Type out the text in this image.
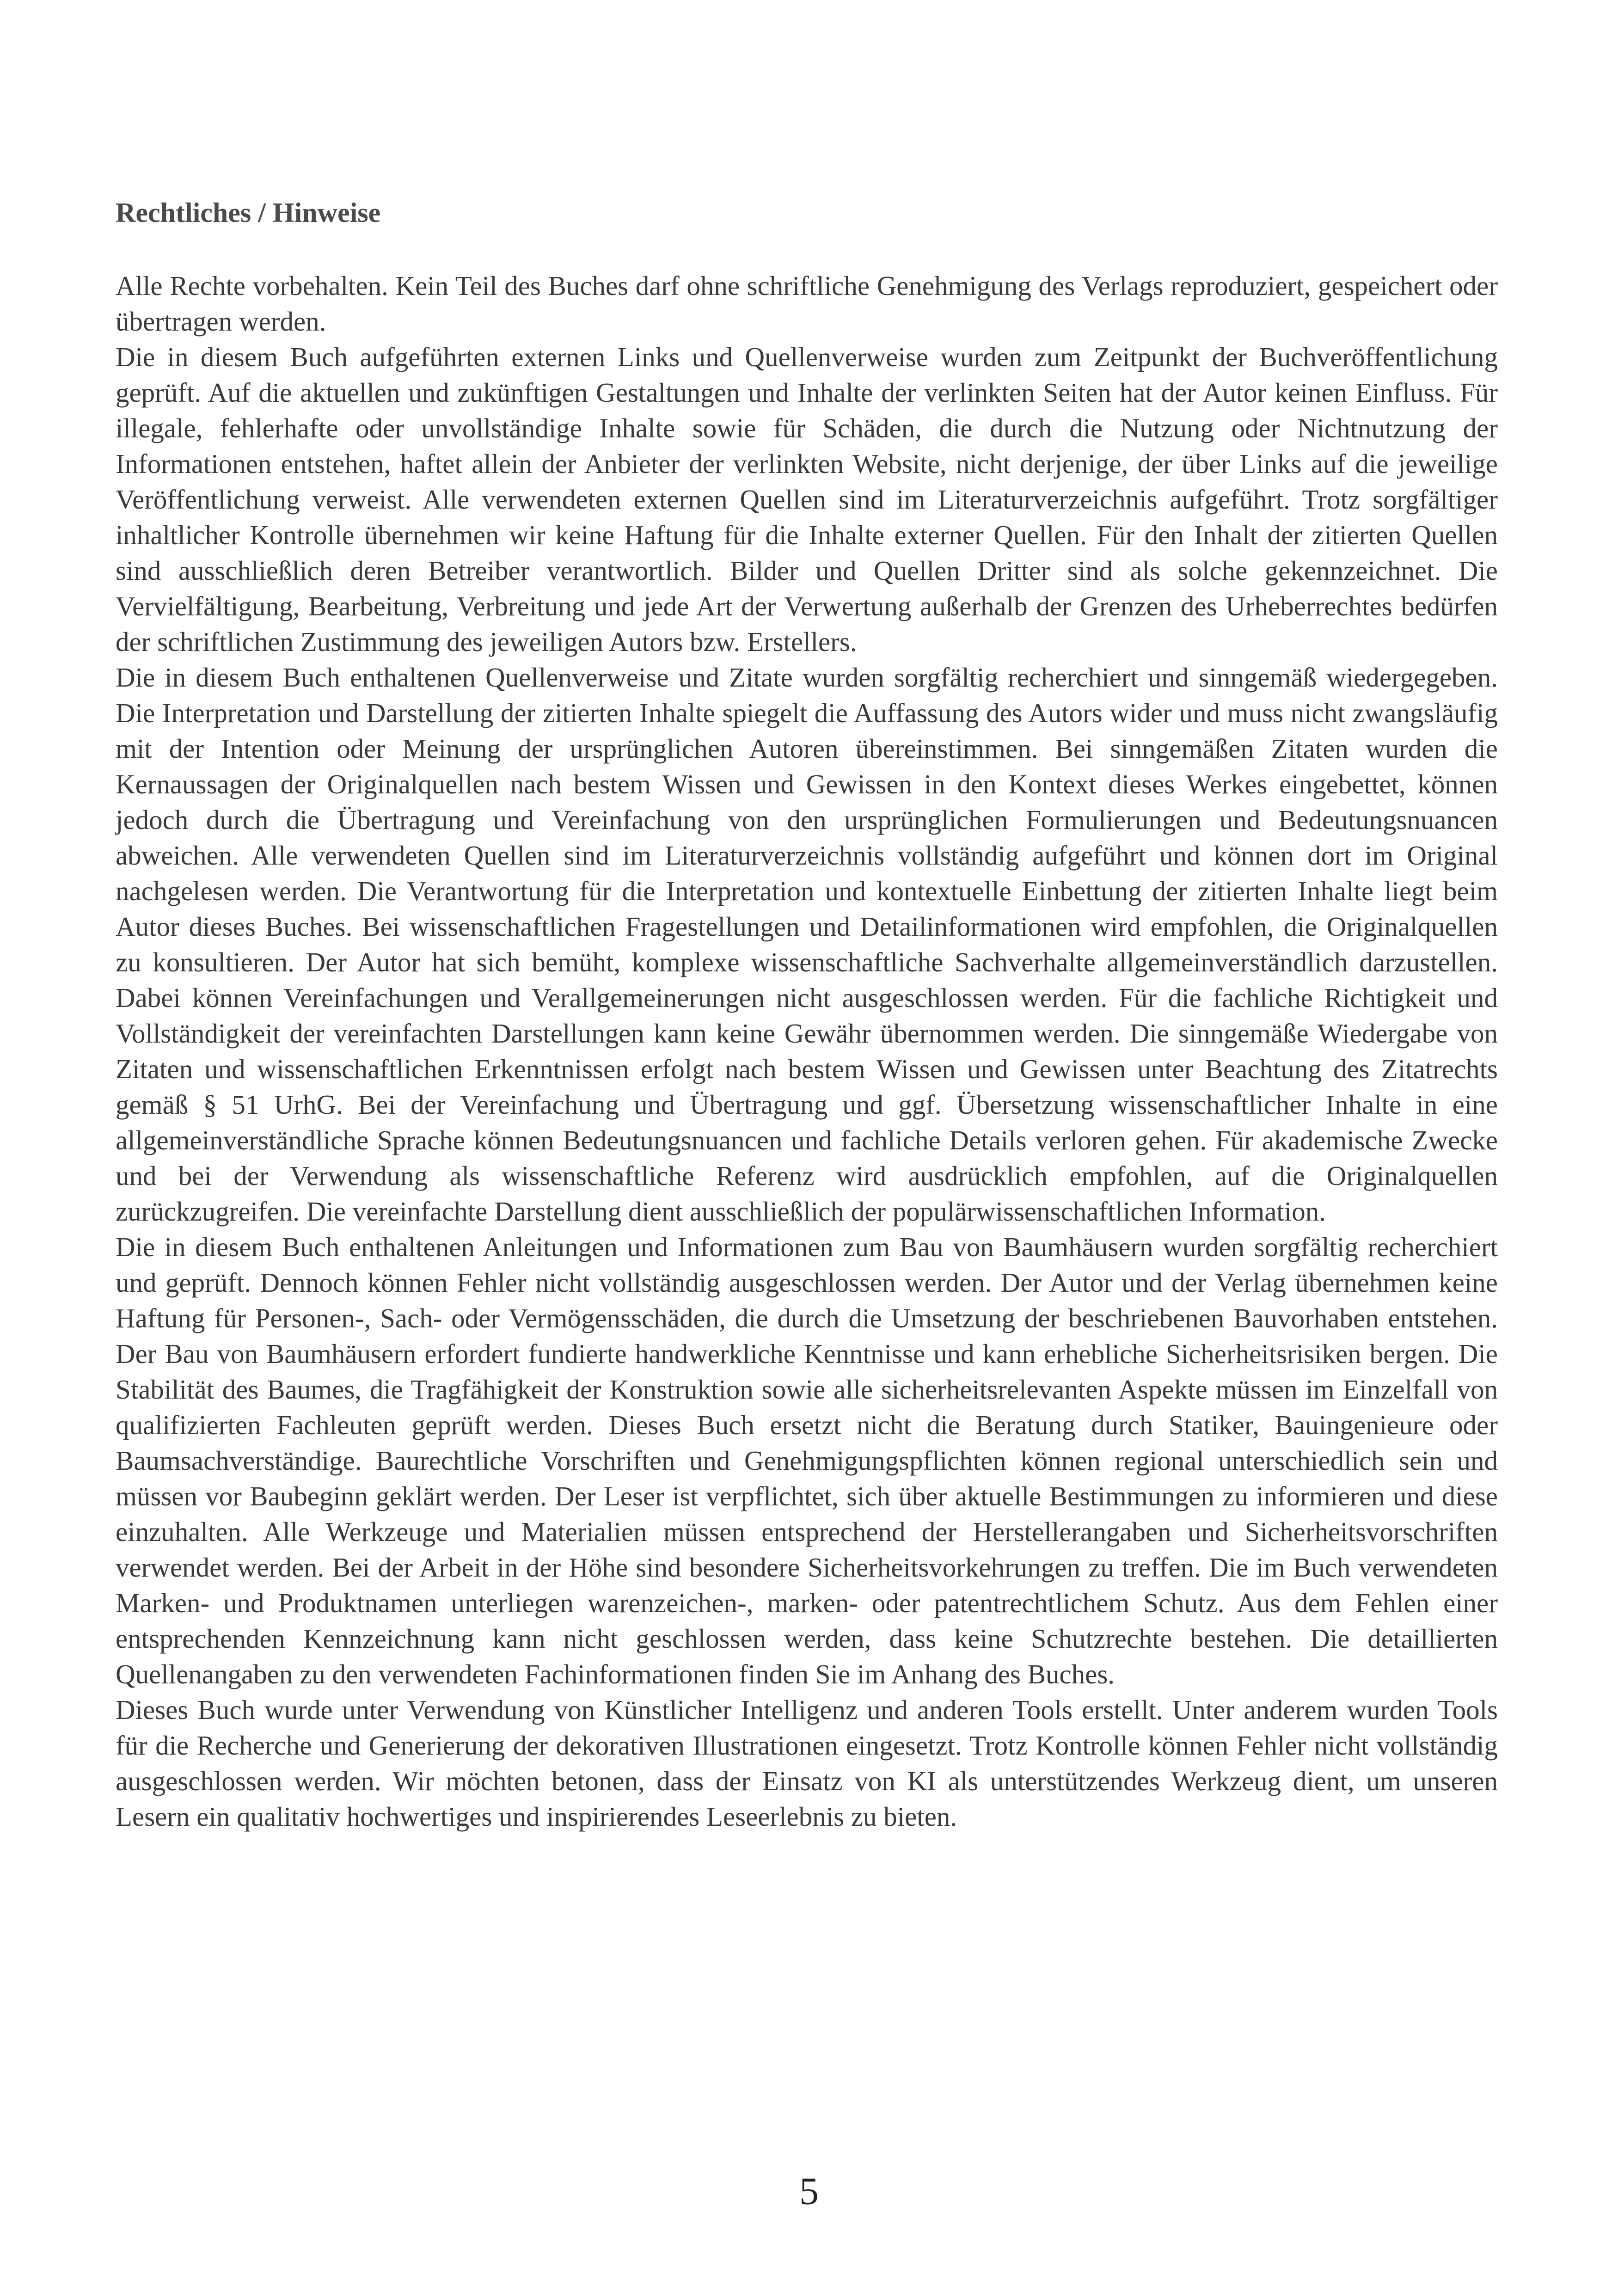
Rechtliches / Hinweise

Alle Rechte vorbehalten. Kein Teil des Buches darf ohne schriftliche Genehmigung des Verlags reproduziert, gespeichert oder übertragen werden.

Die in diesem Buch aufgeführten externen Links und Quellenverweise wurden zum Zeitpunkt der Buchveröffentlichung geprüft. Auf die aktuellen und zukünftigen Gestaltungen und Inhalte der verlinkten Seiten hat der Autor keinen Einfluss. Für illegale, fehlerhafte oder unvollständige Inhalte sowie für Schäden, die durch die Nutzung oder Nichtnutzung der Informationen entstehen, haftet allein der Anbieter der verlinkten Website, nicht derjenige, der über Links auf die jeweilige Veröffentlichung verweist. Alle verwendeten externen Quellen sind im Literaturverzeichnis aufgeführt. Trotz sorgfältiger inhaltlicher Kontrolle übernehmen wir keine Haftung für die Inhalte externer Quellen. Für den Inhalt der zitierten Quellen sind ausschließlich deren Betreiber verantwortlich. Bilder und Quellen Dritter sind als solche gekennzeichnet. Die Vervielfältigung, Bearbeitung, Verbreitung und jede Art der Verwertung außerhalb der Grenzen des Urheberrechtes bedürfen der schriftlichen Zustimmung des jeweiligen Autors bzw. Erstellers.

Die in diesem Buch enthaltenen Quellenverweise und Zitate wurden sorgfältig recherchiert und sinngemäß wiedergegeben. Die Interpretation und Darstellung der zitierten Inhalte spiegelt die Auffassung des Autors wider und muss nicht zwangsläufig mit der Intention oder Meinung der ursprünglichen Autoren übereinstimmen. Bei sinngemäßen Zitaten wurden die Kernaussagen der Originalquellen nach bestem Wissen und Gewissen in den Kontext dieses Werkes eingebettet, können jedoch durch die Übertragung und Vereinfachung von den ursprünglichen Formulierungen und Bedeutungsnuancen abweichen. Alle verwendeten Quellen sind im Literaturverzeichnis vollständig aufgeführt und können dort im Original nachgelesen werden. Die Verantwortung für die Interpretation und kontextuelle Einbettung der zitierten Inhalte liegt beim Autor dieses Buches. Bei wissenschaftlichen Fragestellungen und Detailinformationen wird empfohlen, die Originalquellen zu konsultieren. Der Autor hat sich bemüht, komplexe wissenschaftliche Sachverhalte allgemeinverständlich darzustellen. Dabei können Vereinfachungen und Verallgemeinerungen nicht ausgeschlossen werden. Für die fachliche Richtigkeit und Vollständigkeit der vereinfachten Darstellungen kann keine Gewähr übernommen werden. Die sinngemäße Wiedergabe von Zitaten und wissenschaftlichen Erkenntnissen erfolgt nach bestem Wissen und Gewissen unter Beachtung des Zitatrechts gemäß § 51 UrhG. Bei der Vereinfachung und Übertragung und ggf. Übersetzung wissenschaftlicher Inhalte in eine allgemeinverständliche Sprache können Bedeutungsnuancen und fachliche Details verloren gehen. Für akademische Zwecke und bei der Verwendung als wissenschaftliche Referenz wird ausdrücklich empfohlen, auf die Originalquellen zurückzugreifen. Die vereinfachte Darstellung dient ausschließlich der populärwissenschaftlichen Information.

Die in diesem Buch enthaltenen Anleitungen und Informationen zum Bau von Baumhäusern wurden sorgfältig recherchiert und geprüft. Dennoch können Fehler nicht vollständig ausgeschlossen werden. Der Autor und der Verlag übernehmen keine Haftung für Personen-, Sach- oder Vermögensschäden, die durch die Umsetzung der beschriebenen Bauvorhaben entstehen. Der Bau von Baumhäusern erfordert fundierte handwerkliche Kenntnisse und kann erhebliche Sicherheitsrisiken bergen. Die Stabilität des Baumes, die Tragfähigkeit der Konstruktion sowie alle sicherheitsrelevanten Aspekte müssen im Einzelfall von qualifizierten Fachleuten geprüft werden. Dieses Buch ersetzt nicht die Beratung durch Statiker, Bauingenieure oder Baumsachverständige. Baurechtliche Vorschriften und Genehmigungspflichten können regional unterschiedlich sein und müssen vor Baubeginn geklärt werden. Der Leser ist verpflichtet, sich über aktuelle Bestimmungen zu informieren und diese einzuhalten. Alle Werkzeuge und Materialien müssen entsprechend der Herstellerangaben und Sicherheitsvorschriften verwendet werden. Bei der Arbeit in der Höhe sind besondere Sicherheitsvorkehrungen zu treffen. Die im Buch verwendeten Marken- und Produktnamen unterliegen warenzeichen-, marken- oder patentrechtlichem Schutz. Aus dem Fehlen einer entsprechenden Kennzeichnung kann nicht geschlossen werden, dass keine Schutzrechte bestehen. Die detaillierten Quellenangaben zu den verwendeten Fachinformationen finden Sie im Anhang des Buches.

Dieses Buch wurde unter Verwendung von Künstlicher Intelligenz und anderen Tools erstellt. Unter anderem wurden Tools für die Recherche und Generierung der dekorativen Illustrationen eingesetzt. Trotz Kontrolle können Fehler nicht vollständig ausgeschlossen werden. Wir möchten betonen, dass der Einsatz von KI als unterstützendes Werkzeug dient, um unseren Lesern ein qualitativ hochwertiges und inspirierendes Leseerlebnis zu bieten.

5
